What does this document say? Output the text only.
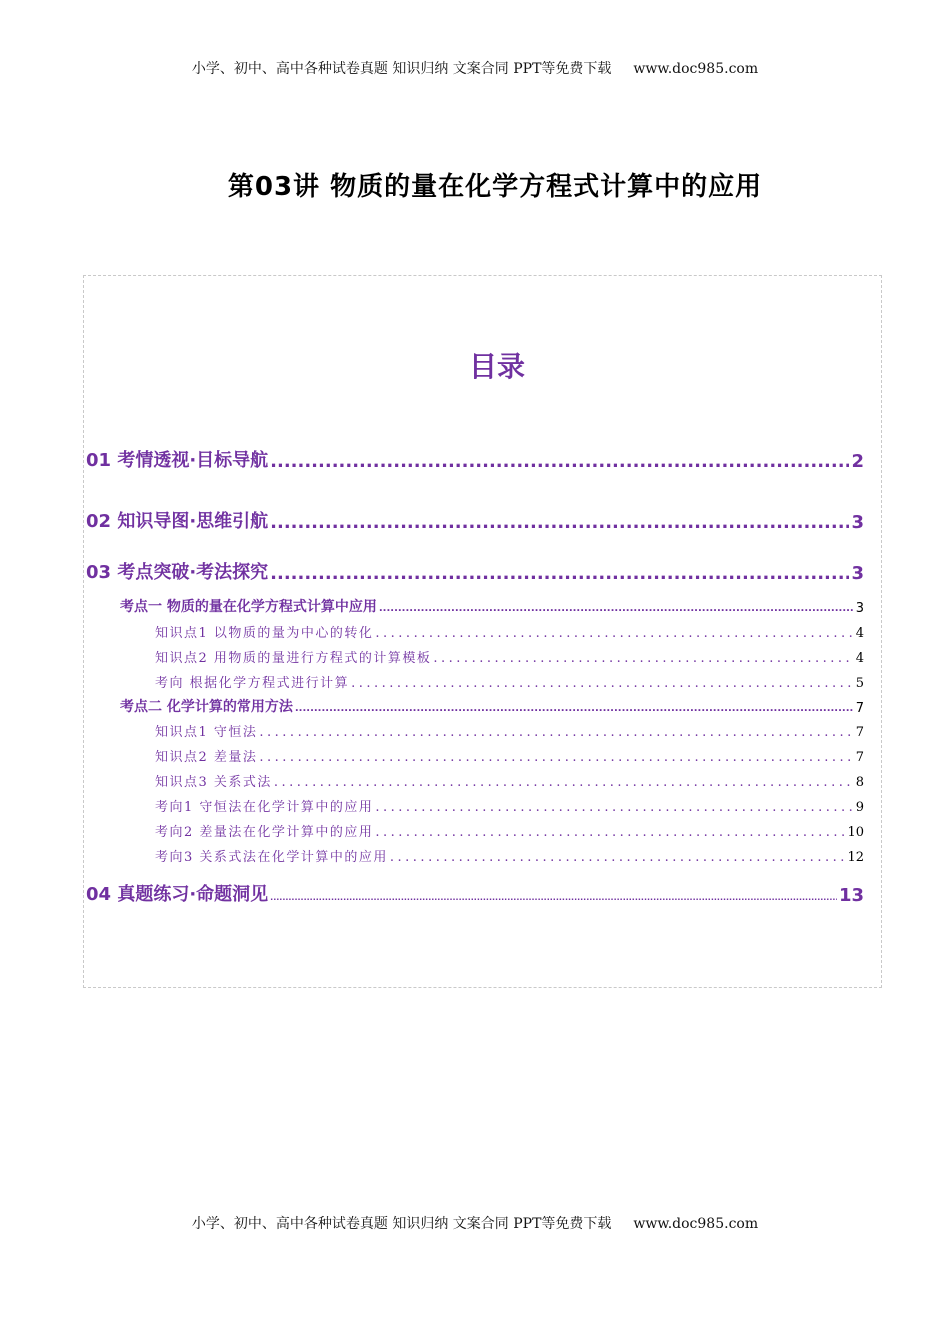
小学、初中、高中各种试卷真题 知识归纳 文案合同 PPT等免费下载 www.doc985.com
第03讲 物质的量在化学方程式计算中的应用
目录
01 考情透视·目标导航 .....	2
02 知识导图·思维引航 .....	3
03 考点突破·考法探究 .....	3
考点一 物质的量在化学方程式计算中应用 .....	3
知识点1 以物质的量为中心的转化 .....	4
知识点2 用物质的量进行方程式的计算模板 .....	4
考向 根据化学方程式进行计算 .....	5
考点二 化学计算的常用方法 .....	7
知识点1 守恒法 .....	7
知识点2 差量法 .....	7
知识点3 关系式法 .....	8
考向1 守恒法在化学计算中的应用 .....	9
考向2 差量法在化学计算中的应用 .....	10
考向3 关系式法在化学计算中的应用 .....	12
04 真题练习·命题洞见 .....	13
小学、初中、高中各种试卷真题 知识归纳 文案合同 PPT等免费下载 www.doc985.com
